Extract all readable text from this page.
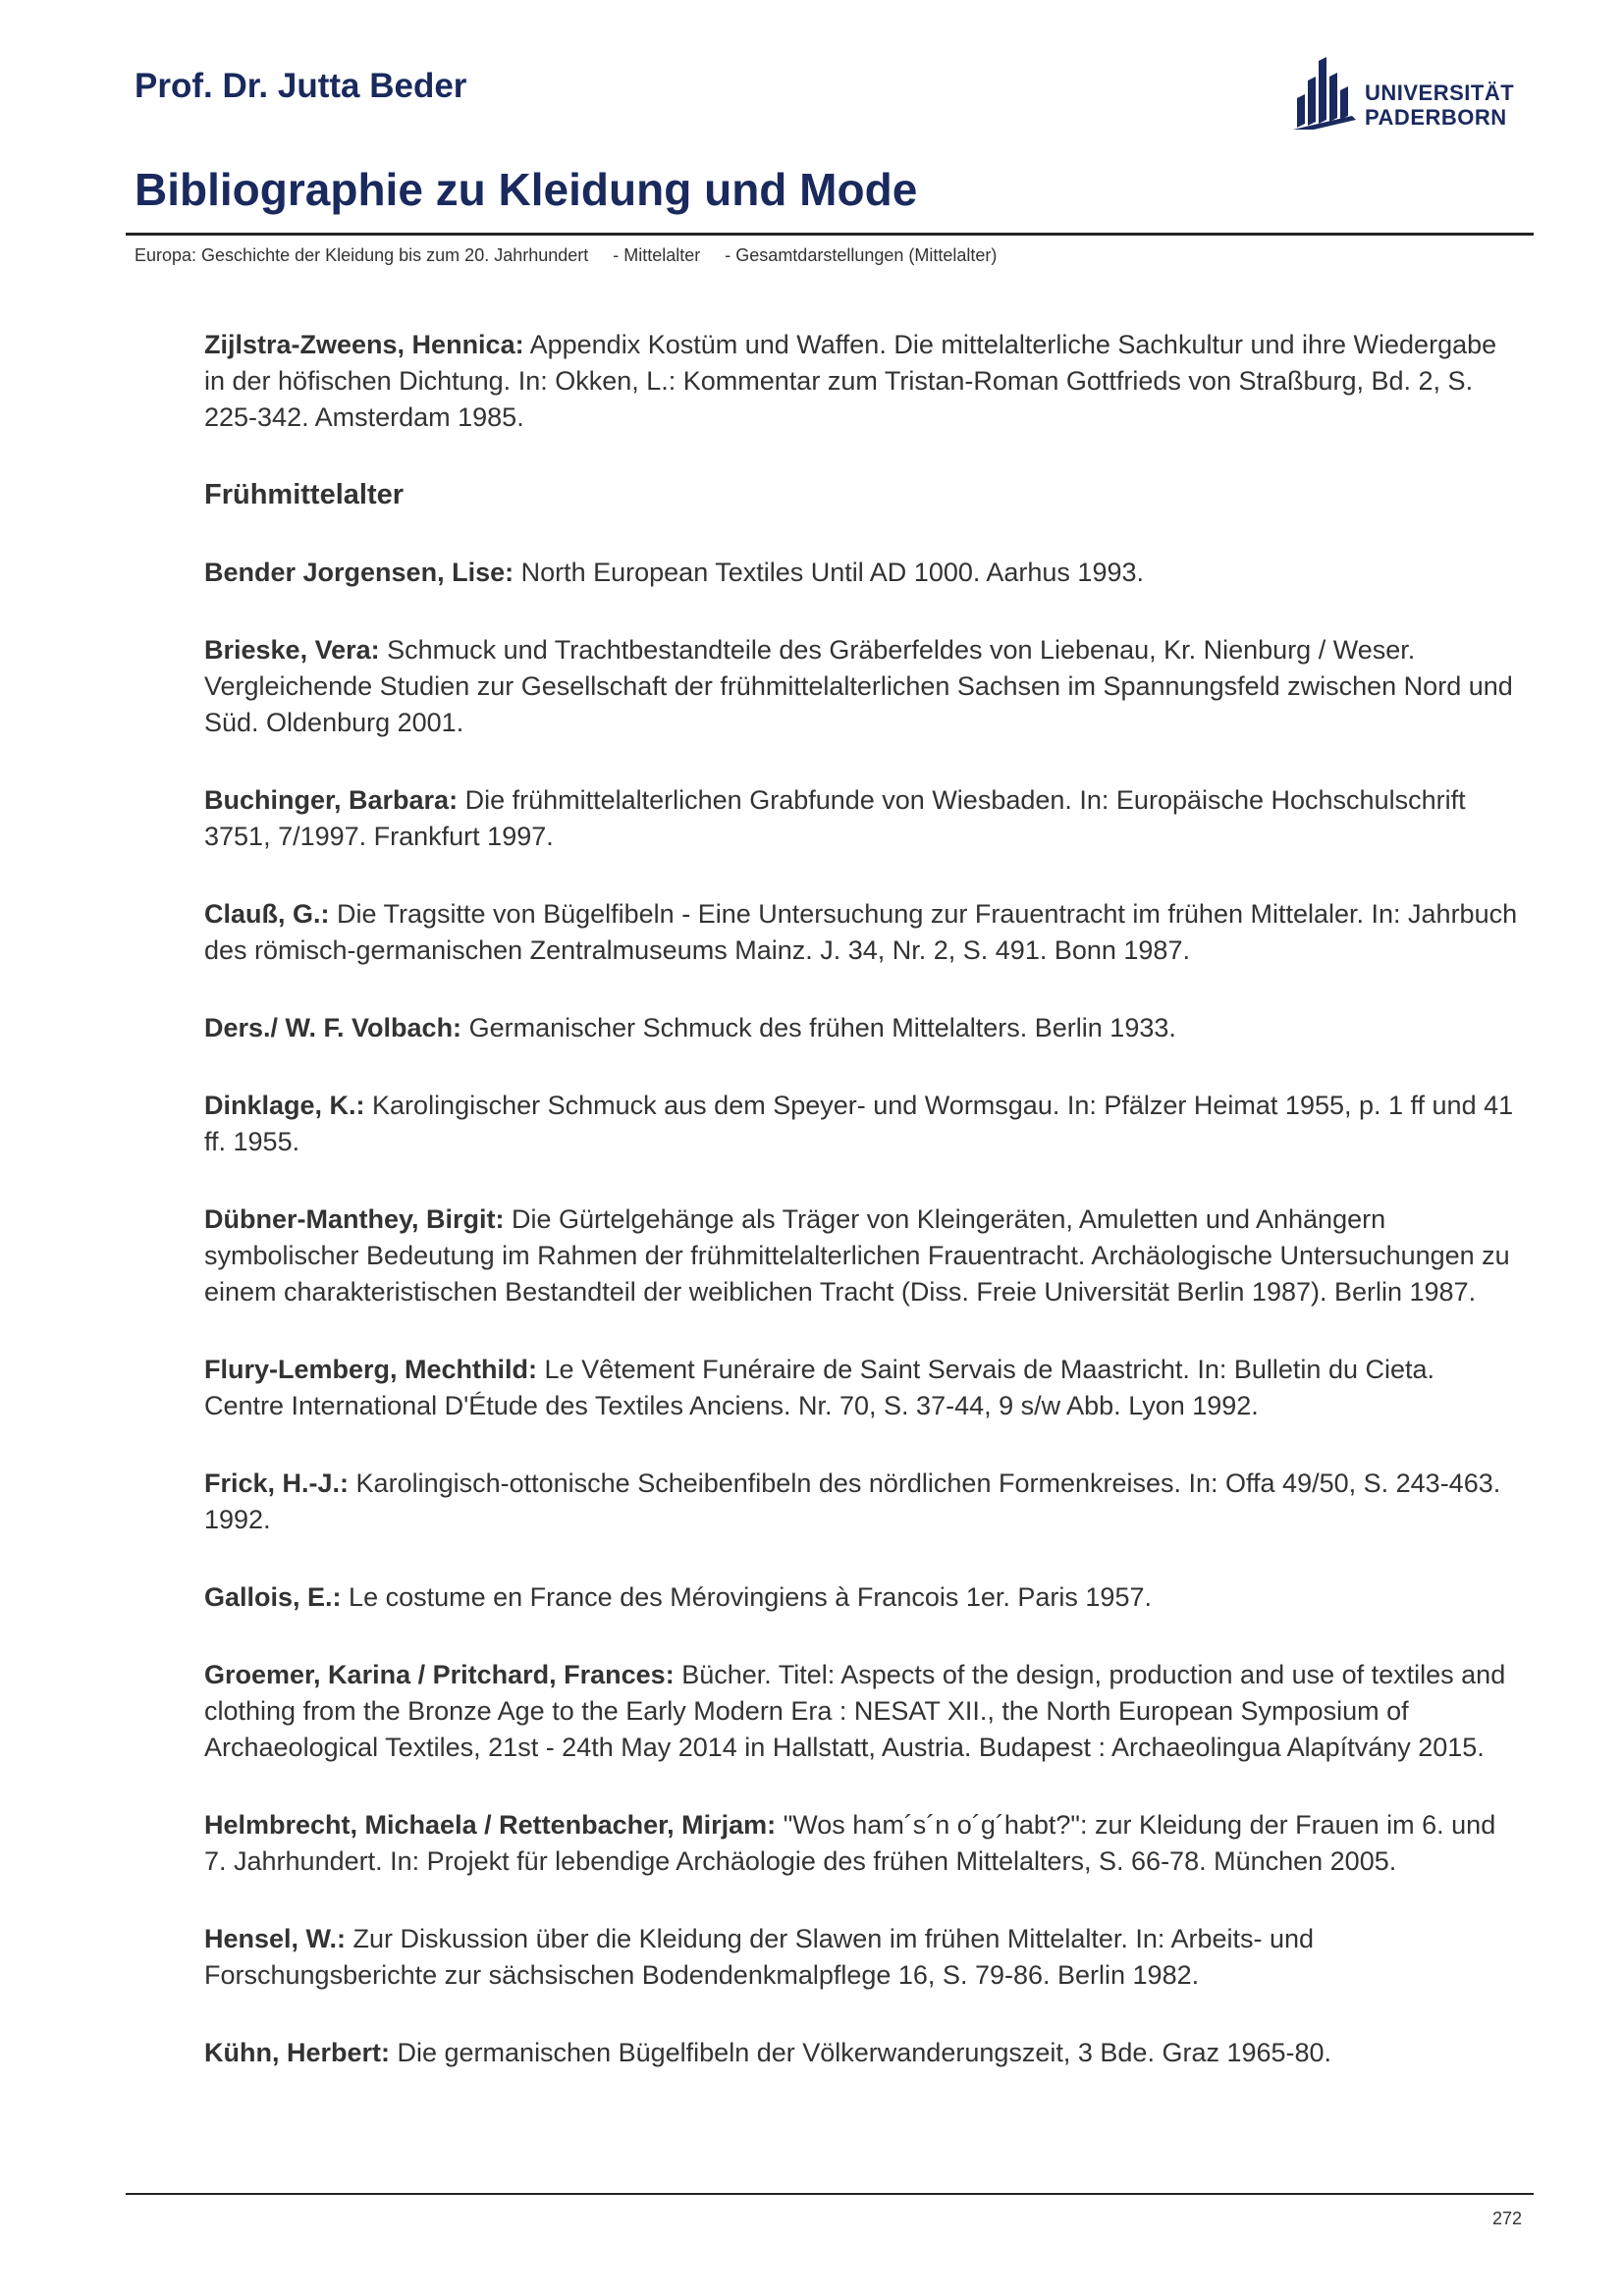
Prof. Dr. Jutta Beder	UNIVERSITÄT
PADERBORN
Bibliographie zu Kleidung und Mode
Europa: Geschichte der Kleidung bis zum 20. Jahrhundert     - Mittelalter     - Gesamtdarstellungen (Mittelalter)

Zijlstra-Zweens, Hennica: Appendix Kostüm und Waffen. Die mittelalterliche Sachkultur und ihre Wiedergabe in der höfischen Dichtung. In: Okken, L.: Kommentar zum Tristan-Roman Gottfrieds von Straßburg, Bd. 2, S. 225-342. Amsterdam 1985.

Frühmittelalter

Bender Jorgensen, Lise: North European Textiles Until AD 1000. Aarhus 1993.

Brieske, Vera: Schmuck und Trachtbestandteile des Gräberfeldes von Liebenau, Kr. Nienburg / Weser. Vergleichende Studien zur Gesellschaft der frühmittelalterlichen Sachsen im Spannungsfeld zwischen Nord und Süd. Oldenburg 2001.

Buchinger, Barbara: Die frühmittelalterlichen Grabfunde von Wiesbaden. In: Europäische Hochschulschrift 3751, 7/1997. Frankfurt 1997.

Clauß, G.: Die Tragsitte von Bügelfibeln - Eine Untersuchung zur Frauentracht im frühen Mittelaler. In: Jahrbuch des römisch-germanischen Zentralmuseums Mainz. J. 34, Nr. 2, S. 491. Bonn 1987.

Ders./ W. F. Volbach: Germanischer Schmuck des frühen Mittelalters. Berlin 1933.

Dinklage, K.: Karolingischer Schmuck aus dem Speyer- und Wormsgau. In: Pfälzer Heimat 1955, p. 1 ff und 41 ff. 1955.

Dübner-Manthey, Birgit: Die Gürtelgehänge als Träger von Kleingeräten, Amuletten und Anhängern symbolischer Bedeutung im Rahmen der frühmittelalterlichen Frauentracht. Archäologische Untersuchungen zu einem charakteristischen Bestandteil der weiblichen Tracht (Diss. Freie Universität Berlin 1987). Berlin 1987.

Flury-Lemberg, Mechthild: Le Vêtement Funéraire de Saint Servais de Maastricht. In: Bulletin du Cieta. Centre International D'Étude des Textiles Anciens. Nr. 70, S. 37-44, 9 s/w Abb. Lyon 1992.

Frick, H.-J.: Karolingisch-ottonische Scheibenfibeln des nördlichen Formenkreises. In: Offa 49/50, S. 243-463. 1992.

Gallois, E.: Le costume en France des Mérovingiens à Francois 1er. Paris 1957.

Groemer, Karina / Pritchard, Frances: Bücher. Titel: Aspects of the design, production and use of textiles and clothing from the Bronze Age to the Early Modern Era : NESAT XII., the North European Symposium of Archaeological Textiles, 21st - 24th May 2014 in Hallstatt, Austria. Budapest : Archaeolingua Alapítvány 2015.

Helmbrecht, Michaela / Rettenbacher, Mirjam: "Wos ham´s´n o´g´habt?": zur Kleidung der Frauen im 6. und 7. Jahrhundert. In: Projekt für lebendige Archäologie des frühen Mittelalters, S. 66-78. München 2005.

Hensel, W.: Zur Diskussion über die Kleidung der Slawen im frühen Mittelalter. In: Arbeits- und Forschungsberichte zur sächsischen Bodendenkmalpflege 16, S. 79-86. Berlin 1982.

Kühn, Herbert: Die germanischen Bügelfibeln der Völkerwanderungszeit, 3 Bde. Graz 1965-80.

272
